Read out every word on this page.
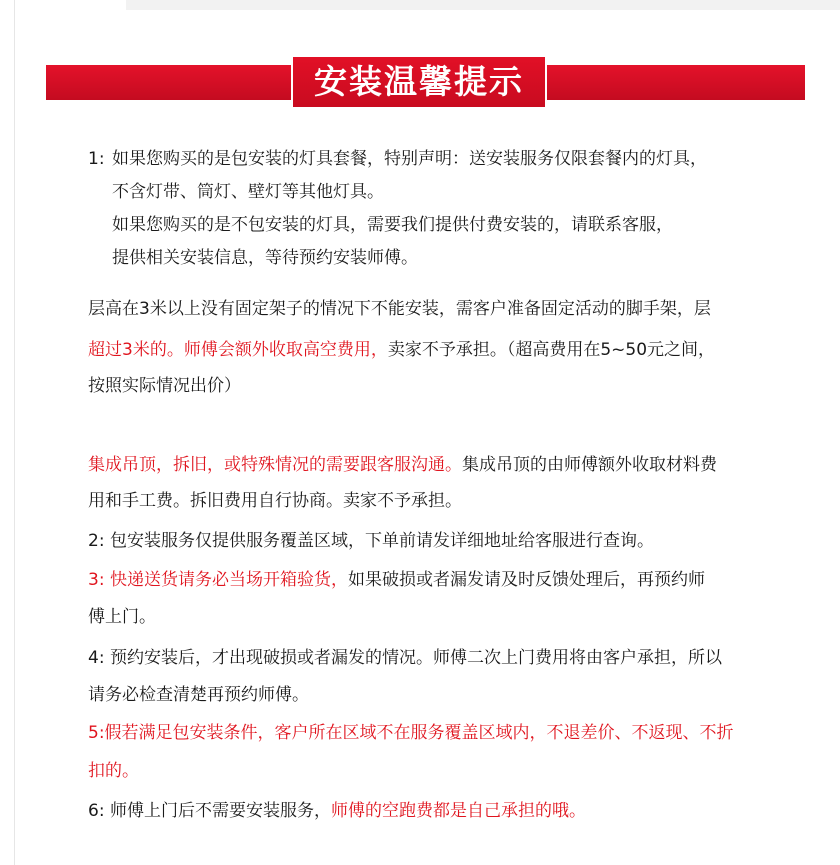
安装温馨提示
1: 如果您购买的是包安装的灯具套餐，特别声明：送安装服务仅限套餐内的灯具，
不含灯带、筒灯、壁灯等其他灯具。
如果您购买的是不包安装的灯具，需要我们提供付费安装的，请联系客服，
提供相关安装信息，等待预约安装师傅。
层高在3米以上没有固定架子的情况下不能安装，需客户准备固定活动的脚手架，层
超过3米的。师傅会额外收取高空费用，卖家不予承担。（超高费用在5~50元之间，
按照实际情况出价）
集成吊顶，拆旧，或特殊情况的需要跟客服沟通。集成吊顶的由师傅额外收取材料费
用和手工费。拆旧费用自行协商。卖家不予承担。
2: 包安装服务仅提供服务覆盖区域，下单前请发详细地址给客服进行查询。
3: 快递送货请务必当场开箱验货，如果破损或者漏发请及时反馈处理后，再预约师
傅上门。
4: 预约安装后，才出现破损或者漏发的情况。师傅二次上门费用将由客户承担，所以
请务必检查清楚再预约师傅。
5:假若满足包安装条件，客户所在区域不在服务覆盖区域内，不退差价、不返现、不折
扣的。
6: 师傅上门后不需要安装服务，师傅的空跑费都是自己承担的哦。
